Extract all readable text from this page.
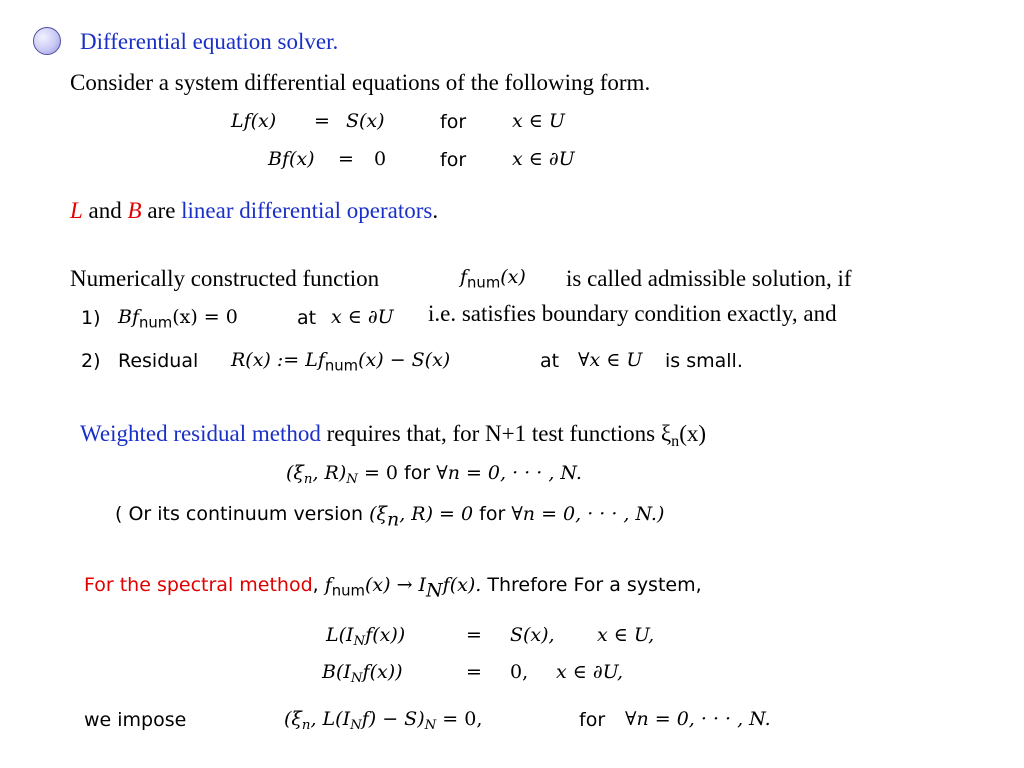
Differential equation solver.
Consider a system differential equations of the following form.
Lf(x) = S(x)	for x ∈ U
Bf(x) = 0	for x ∈ ∂U
L and B are linear differential operators.
Numerically constructed function	$f_{num}(x)$ is called admissible solution, if
1) $Bf_{num}(x) = 0$	at x ∈ ∂U i.e. satisfies boundary condition exactly, and
2) Residual R(x) := $Lf_{num}(x) - S(x)$	at ∀x ∈ U is small.
Weighted residual method requires that, for N+1 test functions $\xi_n(x)$
($\xi_n$, $R)_N = 0$ for ∀n = 0, · · · , N.
( Or its continuum version ($\xi_n$, R) = 0 for ∀n = 0, · · · , N.)
For the spectral method, $f_{num}(x) \to I_Nf(x)$. Threfore For a system,
$L(I_Nf(x))$	= S(x), x ∈ U,
$B(I_Nf(x))$	= 0, x ∈ ∂U,
we impose	($\xi_n$, $L(I_Nf) - S)_N = 0$,	for ∀n = 0, · · · , N.
